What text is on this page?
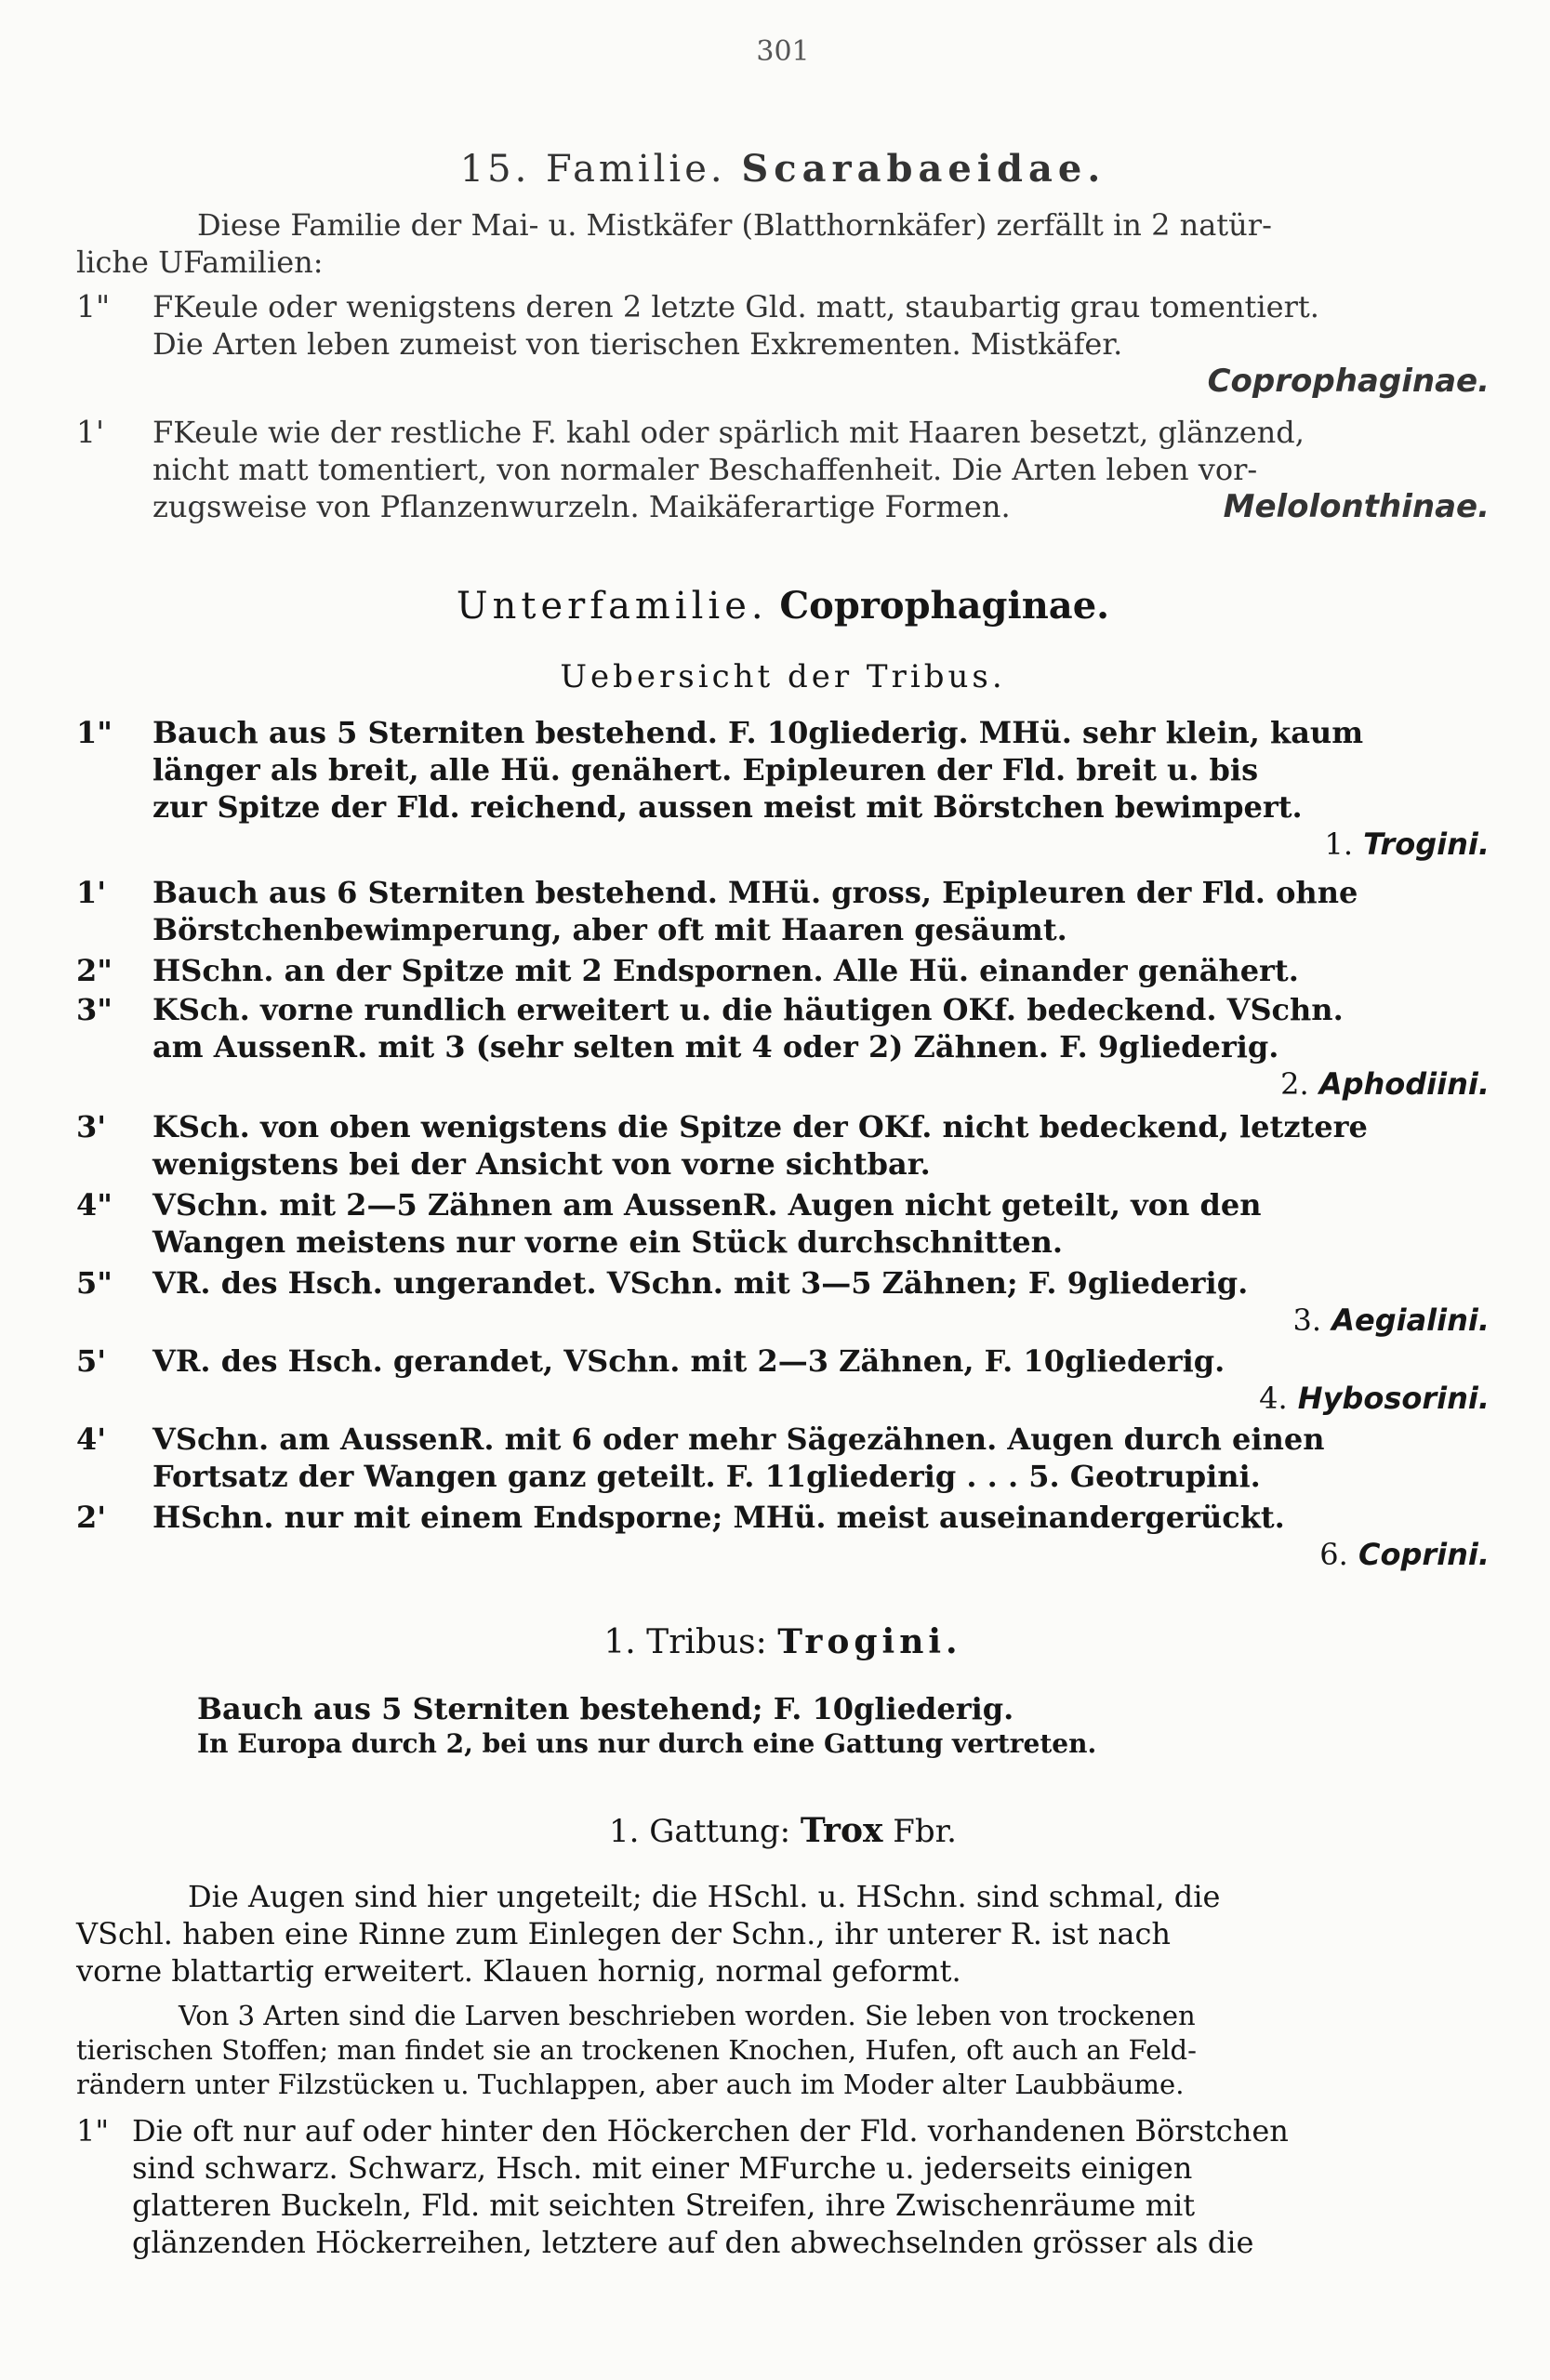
301
15. Familie. Scarabaeidae.
Diese Familie der Mai- u. Mistkäfer (Blatthornkäfer) zerfällt in 2 natür-
liche UFamilien:
1"	FKeule oder wenigstens deren 2 letzte Gld. matt, staubartig grau tomentiert.
Die Arten leben zumeist von tierischen Exkrementen. Mistkäfer.
Coprophaginae.
1'	FKeule wie der restliche F. kahl oder spärlich mit Haaren besetzt, glänzend,
nicht matt tomentiert, von normaler Beschaffenheit. Die Arten leben vor-
zugsweise von Pflanzenwurzeln. Maikäferartige Formen.	Melolonthinae.
Unterfamilie. Coprophaginae.
Uebersicht der Tribus.
1"	Bauch aus 5 Sterniten bestehend. F. 10gliederig. MHü. sehr klein, kaum
länger als breit, alle Hü. genähert. Epipleuren der Fld. breit u. bis
zur Spitze der Fld. reichend, aussen meist mit Börstchen bewimpert.
1. Trogini.
1'	Bauch aus 6 Sterniten bestehend. MHü. gross, Epipleuren der Fld. ohne
Börstchenbewimperung, aber oft mit Haaren gesäumt.
2"	HSchn. an der Spitze mit 2 Endspornen. Alle Hü. einander genähert.
3"	KSch. vorne rundlich erweitert u. die häutigen OKf. bedeckend. VSchn.
am AussenR. mit 3 (sehr selten mit 4 oder 2) Zähnen. F. 9gliederig.
2. Aphodiini.
3'	KSch. von oben wenigstens die Spitze der OKf. nicht bedeckend, letztere
wenigstens bei der Ansicht von vorne sichtbar.
4"	VSchn. mit 2—5 Zähnen am AussenR. Augen nicht geteilt, von den
Wangen meistens nur vorne ein Stück durchschnitten.
5"	VR. des Hsch. ungerandet. VSchn. mit 3—5 Zähnen; F. 9gliederig.
3. Aegialini.
5'	VR. des Hsch. gerandet, VSchn. mit 2—3 Zähnen, F. 10gliederig.
4. Hybosorini.
4'	VSchn. am AussenR. mit 6 oder mehr Sägezähnen. Augen durch einen
Fortsatz der Wangen ganz geteilt. F. 11gliederig . . . 5. Geotrupini.
2'	HSchn. nur mit einem Endsporne; MHü. meist auseinandergerückt.
6. Coprini.
1. Tribus: Trogini.
Bauch aus 5 Sterniten bestehend; F. 10gliederig.
In Europa durch 2, bei uns nur durch eine Gattung vertreten.
1. Gattung: Trox Fbr.
Die Augen sind hier ungeteilt; die HSchl. u. HSchn. sind schmal, die
VSchl. haben eine Rinne zum Einlegen der Schn., ihr unterer R. ist nach
vorne blattartig erweitert. Klauen hornig, normal geformt.
Von 3 Arten sind die Larven beschrieben worden. Sie leben von trockenen
tierischen Stoffen; man findet sie an trockenen Knochen, Hufen, oft auch an Feld-
rändern unter Filzstücken u. Tuchlappen, aber auch im Moder alter Laubbäume.
1" Die oft nur auf oder hinter den Höckerchen der Fld. vorhandenen Börstchen
sind schwarz. Schwarz, Hsch. mit einer MFurche u. jederseits einigen
glatteren Buckeln, Fld. mit seichten Streifen, ihre Zwischenräume mit
glänzenden Höckerreihen, letztere auf den abwechselnden grösser als die
